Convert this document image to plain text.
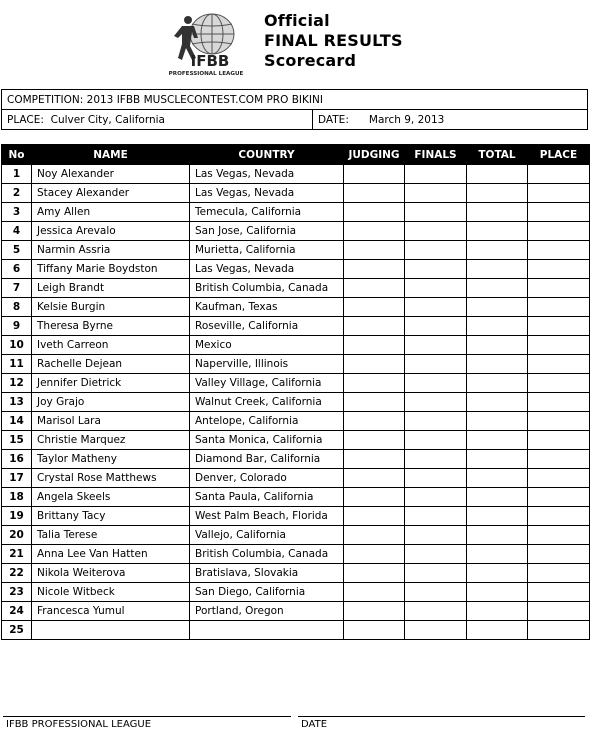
IFBB
PROFESSIONAL LEAGUE
Official
FINAL RESULTS
Scorecard
COMPETITION: 2013 IFBB MUSCLECONTEST.COM PRO BIKINI
PLACE: Culver City, California	DATE: March 9, 2013
No	NAME	COUNTRY	JUDGING	FINALS	TOTAL	PLACE
1	Noy Alexander	Las Vegas, Nevada				
2	Stacey Alexander	Las Vegas, Nevada				
3	Amy Allen	Temecula, California				
4	Jessica Arevalo	San Jose, California				
5	Narmin Assria	Murietta, California				
6	Tiffany Marie Boydston	Las Vegas, Nevada				
7	Leigh Brandt	British Columbia, Canada				
8	Kelsie Burgin	Kaufman, Texas				
9	Theresa Byrne	Roseville, California				
10	Iveth Carreon	Mexico				
11	Rachelle Dejean	Naperville, Illinois				
12	Jennifer Dietrick	Valley Village, California				
13	Joy Grajo	Walnut Creek, California				
14	Marisol Lara	Antelope, California				
15	Christie Marquez	Santa Monica, California				
16	Taylor Matheny	Diamond Bar, California				
17	Crystal Rose Matthews	Denver, Colorado				
18	Angela Skeels	Santa Paula, California				
19	Brittany Tacy	West Palm Beach, Florida				
20	Talia Terese	Vallejo, California				
21	Anna Lee Van Hatten	British Columbia, Canada				
22	Nikola Weiterova	Bratislava, Slovakia				
23	Nicole Witbeck	San Diego, California				
24	Francesca Yumul	Portland, Oregon				
25						
IFBB PROFESSIONAL LEAGUE	DATE
